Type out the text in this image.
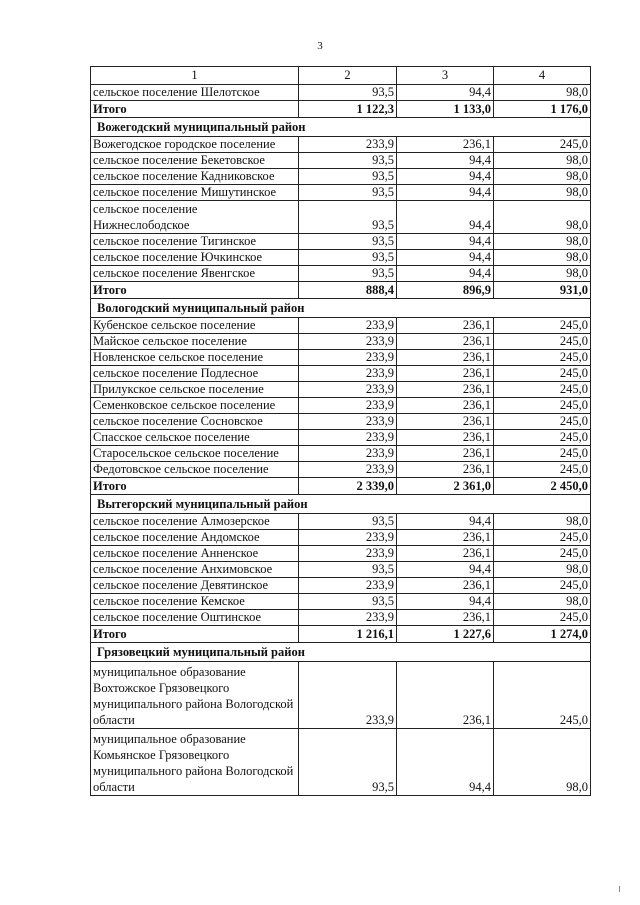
3
1	2	3	4
сельское поселение Шелотское	93,5	94,4	98,0
Итого	1 122,3	1 133,0	1 176,0
Вожегодский муниципальный район			
Вожегодское городское поселение	233,9	236,1	245,0
сельское поселение Бекетовское	93,5	94,4	98,0
сельское поселение Кадниковское	93,5	94,4	98,0
сельское поселение Мишутинское	93,5	94,4	98,0
сельское поселение Нижнеслободское	93,5	94,4	98,0
сельское поселение Тигинское	93,5	94,4	98,0
сельское поселение Ючкинское	93,5	94,4	98,0
сельское поселение Явенгское	93,5	94,4	98,0
Итого	888,4	896,9	931,0
Вологодский муниципальный район			
Кубенское сельское поселение	233,9	236,1	245,0
Майское сельское поселение	233,9	236,1	245,0
Новленское сельское поселение	233,9	236,1	245,0
сельское поселение Подлесное	233,9	236,1	245,0
Прилукское сельское поселение	233,9	236,1	245,0
Семенковское сельское поселение	233,9	236,1	245,0
сельское поселение Сосновское	233,9	236,1	245,0
Спасское сельское поселение	233,9	236,1	245,0
Старосельское сельское поселение	233,9	236,1	245,0
Федотовское сельское поселение	233,9	236,1	245,0
Итого	2 339,0	2 361,0	2 450,0
Вытегорский муниципальный район			
сельское поселение Алмозерское	93,5	94,4	98,0
сельское поселение Андомское	233,9	236,1	245,0
сельское поселение Анненское	233,9	236,1	245,0
сельское поселение Анхимовское	93,5	94,4	98,0
сельское поселение Девятинское	233,9	236,1	245,0
сельское поселение Кемское	93,5	94,4	98,0
сельское поселение Оштинское	233,9	236,1	245,0
Итого	1 216,1	1 227,6	1 274,0
Грязовецкий муниципальный район			
муниципальное образование Вохтожское Грязовецкого муниципального района Вологодской области	233,9	236,1	245,0
муниципальное образование Комьянское Грязовецкого муниципального района Вологодской области	93,5	94,4	98,0
